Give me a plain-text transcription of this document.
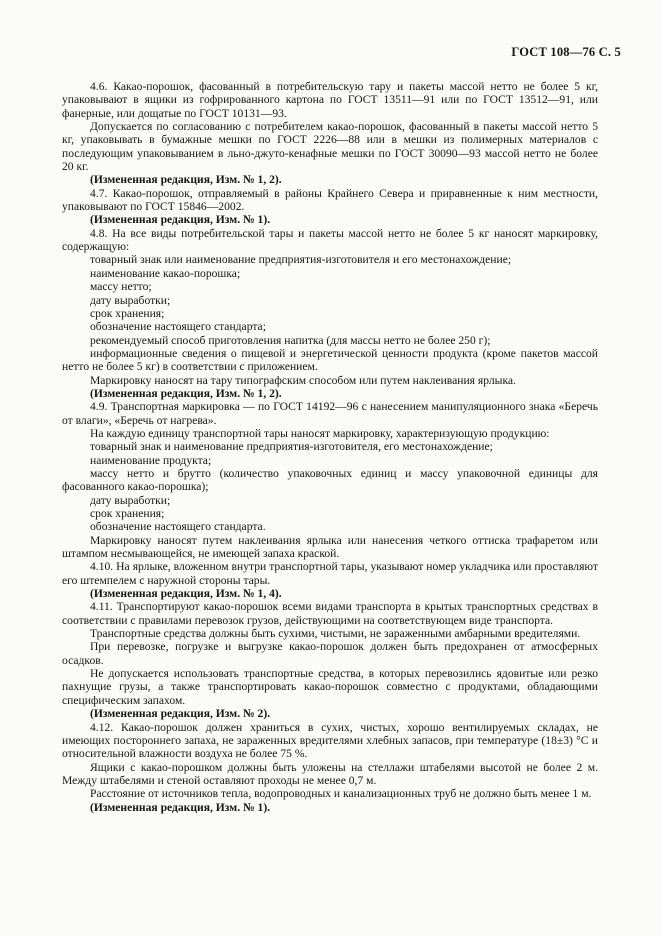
ГОСТ 108—76 С. 5

4.6. Какао-порошок, фасованный в потребительскую тару и пакеты массой нетто не более 5 кг, упаковывают в ящики из гофрированного картона по ГОСТ 13511—91 или по ГОСТ 13512—91, или фанерные, или дощатые по ГОСТ 10131—93.

Допускается по согласованию с потребителем какао-порошок, фасованный в пакеты массой нетто 5 кг, упаковывать в бумажные мешки по ГОСТ 2226—88 или в мешки из полимерных материалов с последующим упаковыванием в льно-джуто-кенафные мешки по ГОСТ 30090—93 массой нетто не более 20 кг.

(Измененная редакция, Изм. № 1, 2).

4.7. Какао-порошок, отправляемый в районы Крайнего Севера и приравненные к ним местности, упаковывают по ГОСТ 15846—2002.

(Измененная редакция, Изм. № 1).

4.8. На все виды потребительской тары и пакеты массой нетто не более 5 кг наносят маркировку, содержащую:

товарный знак или наименование предприятия-изготовителя и его местонахождение;

наименование какао-порошка;

массу нетто;

дату выработки;

срок хранения;

обозначение настоящего стандарта;

рекомендуемый способ приготовления напитка (для массы нетто не более 250 г);

информационные сведения о пищевой и энергетической ценности продукта (кроме пакетов массой нетто не более 5 кг) в соответствии с приложением.

Маркировку наносят на тару типографским способом или путем наклеивания ярлыка.

(Измененная редакция, Изм. № 1, 2).

4.9. Транспортная маркировка — по ГОСТ 14192—96 с нанесением манипуляционного знака «Беречь от влаги», «Беречь от нагрева».

На каждую единицу транспортной тары наносят маркировку, характеризующую продукцию:

товарный знак и наименование предприятия-изготовителя, его местонахождение;

наименование продукта;

массу нетто и брутто (количество упаковочных единиц и массу упаковочной единицы для фасованного какао-порошка);

дату выработки;

срок хранения;

обозначение настоящего стандарта.

Маркировку наносят путем наклеивания ярлыка или нанесения четкого оттиска трафаретом или штампом несмывающейся, не имеющей запаха краской.

4.10. На ярлыке, вложенном внутри транспортной тары, указывают номер укладчика или проставляют его штемпелем с наружной стороны тары.

(Измененная редакция, Изм. № 1, 4).

4.11. Транспортируют какао-порошок всеми видами транспорта в крытых транспортных средствах в соответствии с правилами перевозок грузов, действующими на соответствующем виде транспорта.

Транспортные средства должны быть сухими, чистыми, не зараженными амбарными вредителями.

При перевозке, погрузке и выгрузке какао-порошок должен быть предохранен от атмосферных осадков.

Не допускается использовать транспортные средства, в которых перевозились ядовитые или резко пахнущие грузы, а также транспортировать какао-порошок совместно с продуктами, обладающими специфическим запахом.

(Измененная редакция, Изм. № 2).

4.12. Какао-порошок должен храниться в сухих, чистых, хорошо вентилируемых складах, не имеющих постороннего запаха, не зараженных вредителями хлебных запасов, при температуре (18±3) °С и относительной влажности воздуха не более 75 %.

Ящики с какао-порошком должны быть уложены на стеллажи штабелями высотой не более 2 м. Между штабелями и стеной оставляют проходы не менее 0,7 м.

Расстояние от источников тепла, водопроводных и канализационных труб не должно быть менее 1 м.

(Измененная редакция, Изм. № 1).
